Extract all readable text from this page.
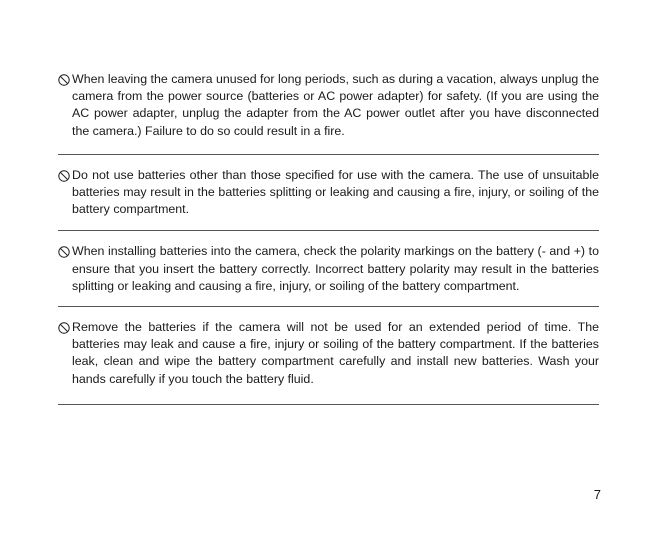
When leaving the camera unused for long periods, such as during a vacation, always unplug the camera from the power source (batteries or AC power adapter) for safety. (If you are using the AC power adapter, unplug the adapter from the AC power outlet after you have disconnected the camera.) Failure to do so could result in a fire.

Do not use batteries other than those specified for use with the camera. The use of unsuitable batteries may result in the batteries splitting or leaking and causing a fire, injury, or soiling of the battery compartment.

When installing batteries into the camera, check the polarity markings on the battery (- and +) to ensure that you insert the battery correctly. Incorrect battery polarity may result in the batteries splitting or leaking and causing a fire, injury, or soiling of the battery compartment.

Remove the batteries if the camera will not be used for an extended period of time. The batteries may leak and cause a fire, injury or soiling of the battery compartment. If the batteries leak, clean and wipe the battery compartment carefully and install new batteries. Wash your hands carefully if you touch the battery fluid.

7
